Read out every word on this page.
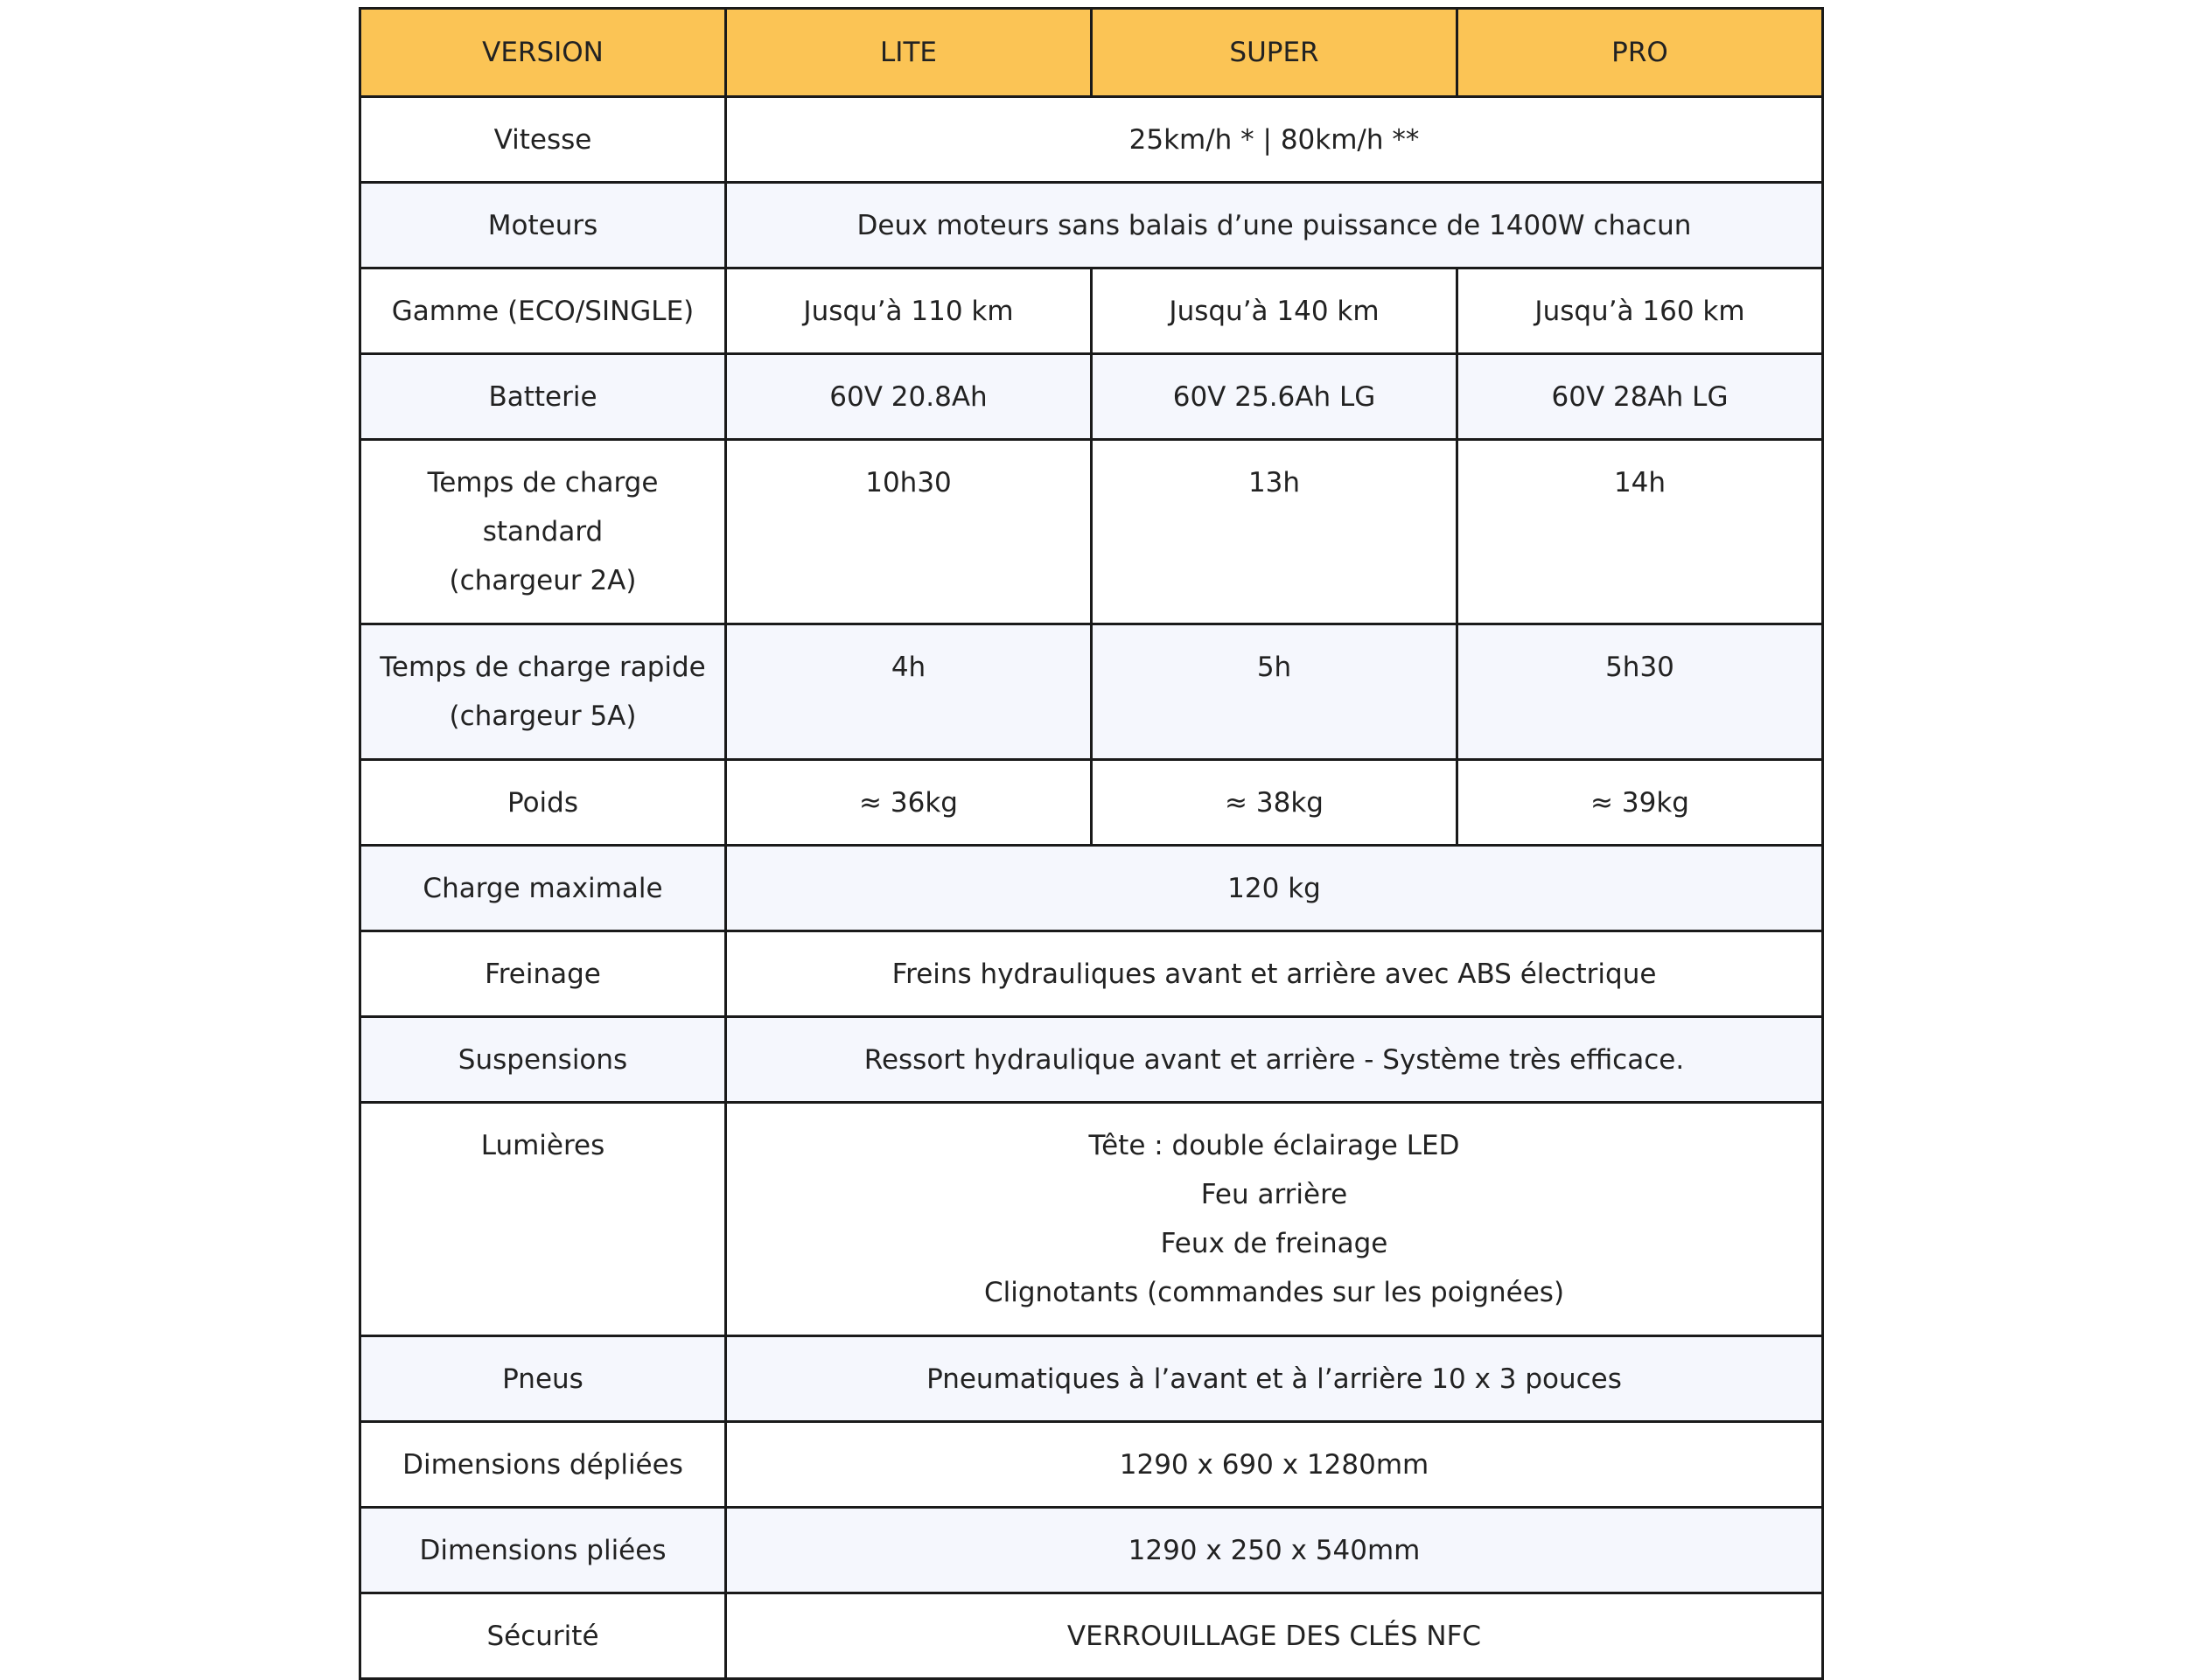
VERSION	LITE	SUPER	PRO
Vitesse	25km/h * | 80km/h **		
Moteurs	Deux moteurs sans balais d’une puissance de 1400W chacun		
Gamme (ECO/SINGLE)	Jusqu’à 110 km	Jusqu’à 140 km	Jusqu’à 160 km
Batterie	60V 20.8Ah	60V 25.6Ah LG	60V 28Ah LG

Temps de charge
standard
(chargeur 2A)	10h30	13h	14h

Temps de charge rapide
(chargeur 5A)	4h	5h	5h30
Poids	≈ 36kg	≈ 38kg	≈ 39kg
Charge maximale	120 kg		
Freinage	Freins hydrauliques avant et arrière avec ABS électrique		
Suspensions	Ressort hydraulique avant et arrière - Système très efficace.		
Lumières	Tête : double éclairage LED
Feu arrière
Feux de freinage
Clignotants (commandes sur les poignées)		

Pneus	Pneumatiques à l’avant et à l’arrière 10 x 3 pouces		
Dimensions dépliées	1290 x 690 x 1280mm		
Dimensions pliées	1290 x 250 x 540mm		
Sécurité	VERROUILLAGE DES CLÉS NFC		
